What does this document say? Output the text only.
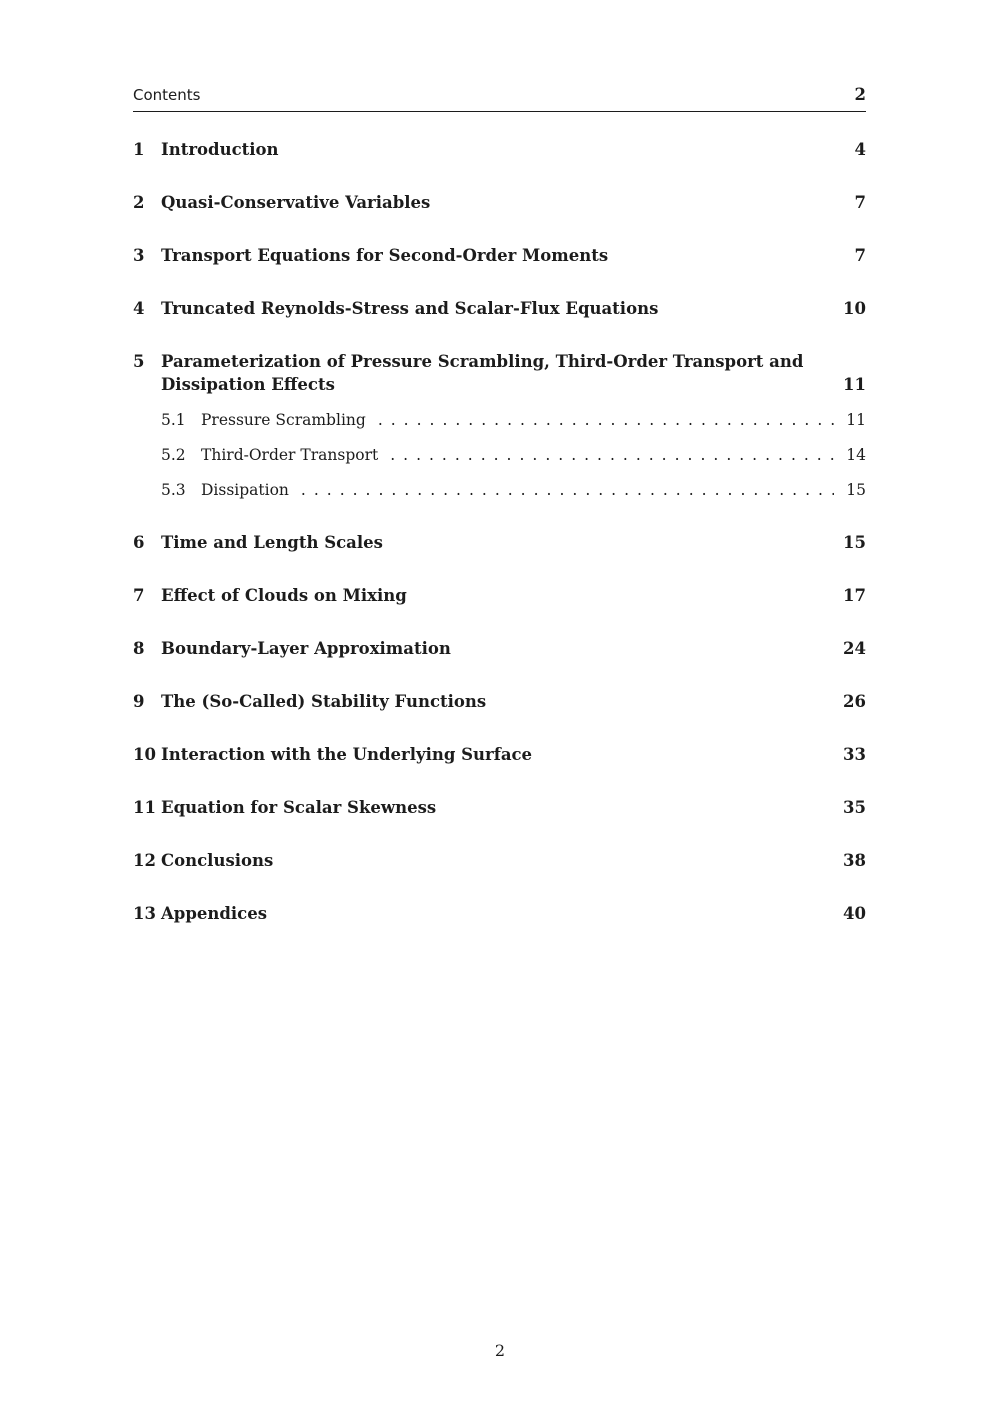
Contents	2
1	Introduction	4
2	Quasi-Conservative Variables	7
3	Transport Equations for Second-Order Moments	7
4	Truncated Reynolds-Stress and Scalar-Flux Equations	10
5	Parameterization of Pressure Scrambling, Third-Order Transport and Dissipation Effects	11
5.1 Pressure Scrambling .....	11
5.2 Third-Order Transport .....	14
5.3 Dissipation .....	15
6	Time and Length Scales	15
7	Effect of Clouds on Mixing	17
8	Boundary-Layer Approximation	24
9	The (So-Called) Stability Functions	26
10 Interaction with the Underlying Surface	33
11 Equation for Scalar Skewness	35
12 Conclusions	38
13 Appendices	40
2
